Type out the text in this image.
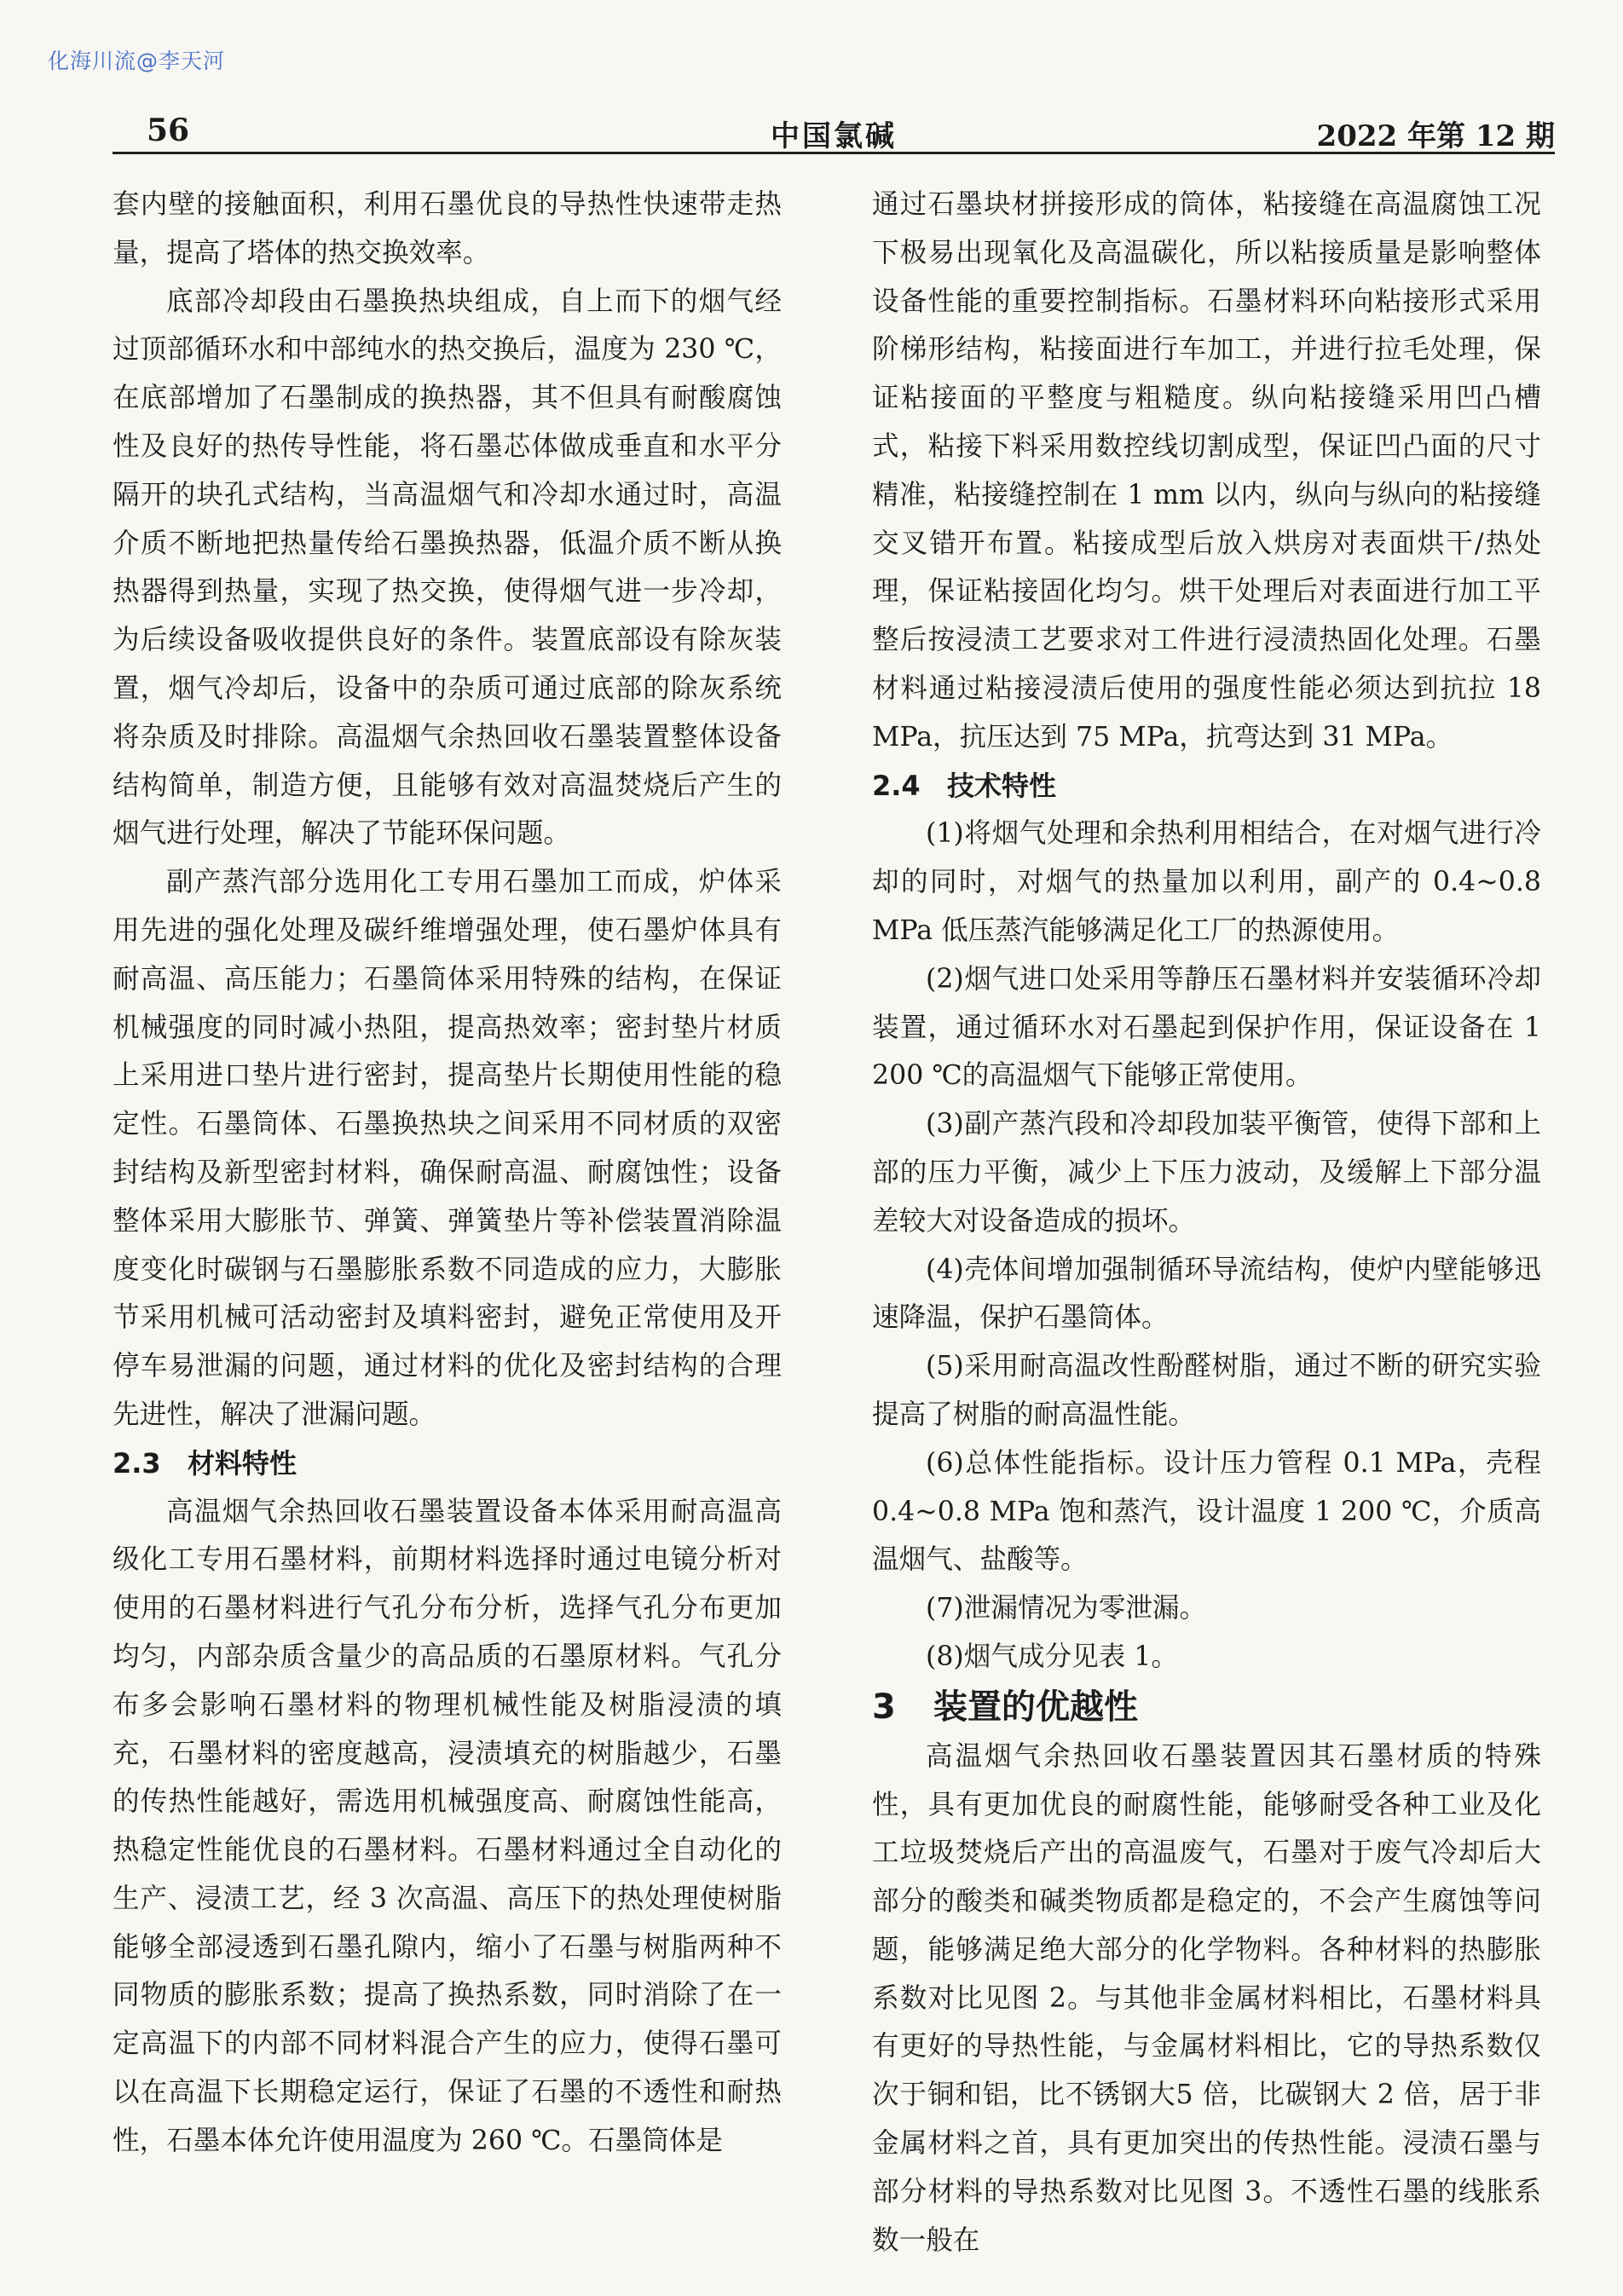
化海川流@李天河
56	中国氯碱	2022 年第 12 期

套内壁的接触面积，利用石墨优良的导热性快速带走热量，提高了塔体的热交换效率。

底部冷却段由石墨换热块组成，自上而下的烟气经过顶部循环水和中部纯水的热交换后，温度为 230 ℃，在底部增加了石墨制成的换热器，其不但具有耐酸腐蚀性及良好的热传导性能，将石墨芯体做成垂直和水平分隔开的块孔式结构，当高温烟气和冷却水通过时，高温介质不断地把热量传给石墨换热器，低温介质不断从换热器得到热量，实现了热交换，使得烟气进一步冷却，为后续设备吸收提供良好的条件。装置底部设有除灰装置，烟气冷却后，设备中的杂质可通过底部的除灰系统将杂质及时排除。高温烟气余热回收石墨装置整体设备结构简单，制造方便，且能够有效对高温焚烧后产生的烟气进行处理，解决了节能环保问题。

副产蒸汽部分选用化工专用石墨加工而成，炉体采用先进的强化处理及碳纤维增强处理，使石墨炉体具有耐高温、高压能力；石墨筒体采用特殊的结构，在保证机械强度的同时减小热阻，提高热效率；密封垫片材质上采用进口垫片进行密封，提高垫片长期使用性能的稳定性。石墨筒体、石墨换热块之间采用不同材质的双密封结构及新型密封材料，确保耐高温、耐腐蚀性；设备整体采用大膨胀节、弹簧、弹簧垫片等补偿装置消除温度变化时碳钢与石墨膨胀系数不同造成的应力，大膨胀节采用机械可活动密封及填料密封，避免正常使用及开停车易泄漏的问题，通过材料的优化及密封结构的合理先进性，解决了泄漏问题。

2.3 材料特性

高温烟气余热回收石墨装置设备本体采用耐高温高级化工专用石墨材料，前期材料选择时通过电镜分析对使用的石墨材料进行气孔分布分析，选择气孔分布更加均匀，内部杂质含量少的高品质的石墨原材料。气孔分布多会影响石墨材料的物理机械性能及树脂浸渍的填充，石墨材料的密度越高，浸渍填充的树脂越少，石墨的传热性能越好，需选用机械强度高、耐腐蚀性能高，热稳定性能优良的石墨材料。石墨材料通过全自动化的生产、浸渍工艺，经 3 次高温、高压下的热处理使树脂能够全部浸透到石墨孔隙内，缩小了石墨与树脂两种不同物质的膨胀系数；提高了换热系数，同时消除了在一定高温下的内部不同材料混合产生的应力，使得石墨可以在高温下长期稳定运行，保证了石墨的不透性和耐热性，石墨本体允许使用温度为 260 ℃。石墨筒体是

通过石墨块材拼接形成的筒体，粘接缝在高温腐蚀工况下极易出现氧化及高温碳化，所以粘接质量是影响整体设备性能的重要控制指标。石墨材料环向粘接形式采用阶梯形结构，粘接面进行车加工，并进行拉毛处理，保证粘接面的平整度与粗糙度。纵向粘接缝采用凹凸槽式，粘接下料采用数控线切割成型，保证凹凸面的尺寸精准，粘接缝控制在 1 mm 以内，纵向与纵向的粘接缝交叉错开布置。粘接成型后放入烘房对表面烘干/热处理，保证粘接固化均匀。烘干处理后对表面进行加工平整后按浸渍工艺要求对工件进行浸渍热固化处理。石墨材料通过粘接浸渍后使用的强度性能必须达到抗拉 18 MPa，抗压达到 75 MPa，抗弯达到 31 MPa。

2.4 技术特性

(1)将烟气处理和余热利用相结合，在对烟气进行冷却的同时，对烟气的热量加以利用，副产的 0.4~0.8 MPa 低压蒸汽能够满足化工厂的热源使用。

(2)烟气进口处采用等静压石墨材料并安装循环冷却装置，通过循环水对石墨起到保护作用，保证设备在 1 200 ℃的高温烟气下能够正常使用。

(3)副产蒸汽段和冷却段加装平衡管，使得下部和上部的压力平衡，减少上下压力波动，及缓解上下部分温差较大对设备造成的损坏。

(4)壳体间增加强制循环导流结构，使炉内壁能够迅速降温，保护石墨筒体。

(5)采用耐高温改性酚醛树脂，通过不断的研究实验提高了树脂的耐高温性能。

(6)总体性能指标。设计压力管程 0.1 MPa，壳程 0.4~0.8 MPa 饱和蒸汽，设计温度 1 200 ℃，介质高温烟气、盐酸等。

(7)泄漏情况为零泄漏。

(8)烟气成分见表 1。

3 装置的优越性

高温烟气余热回收石墨装置因其石墨材质的特殊性，具有更加优良的耐腐性能，能够耐受各种工业及化工垃圾焚烧后产出的高温废气，石墨对于废气冷却后大部分的酸类和碱类物质都是稳定的，不会产生腐蚀等问题，能够满足绝大部分的化学物料。各种材料的热膨胀系数对比见图 2。与其他非金属材料相比，石墨材料具有更好的导热性能，与金属材料相比，它的导热系数仅次于铜和铝，比不锈钢大5 倍，比碳钢大 2 倍，居于非金属材料之首，具有更加突出的传热性能。浸渍石墨与部分材料的导热系数对比见图 3。不透性石墨的线胀系数一般在
